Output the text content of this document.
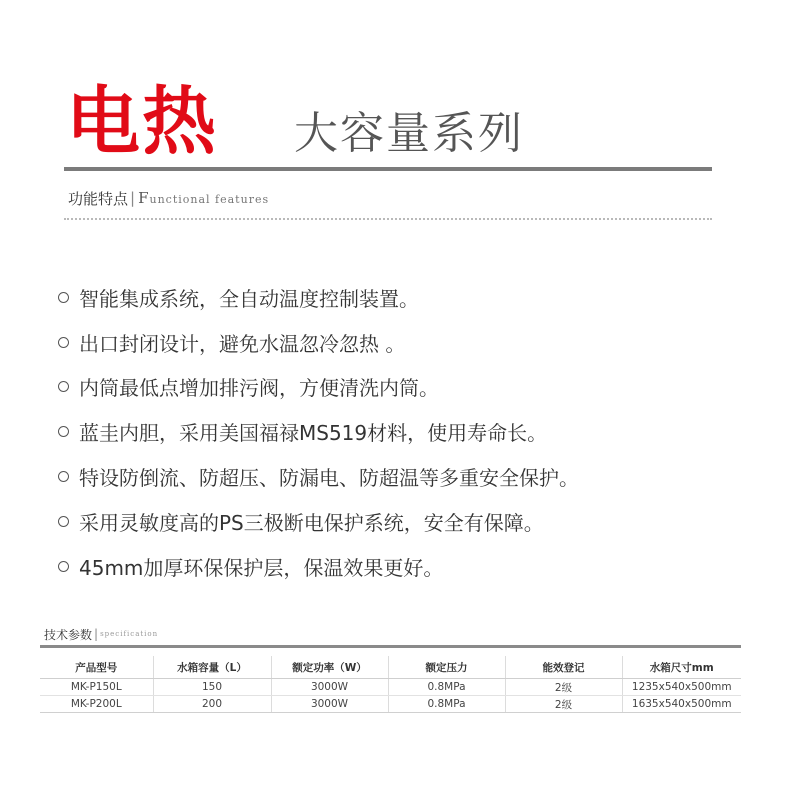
电热 大容量系列
功能特点 | Functional features
智能集成系统，全自动温度控制装置。
出口封闭设计，避免水温忽冷忽热 。
内筒最低点增加排污阀，方便清洗内筒。
蓝圭内胆，采用美国福禄MS519材料，使用寿命长。
特设防倒流、防超压、防漏电、防超温等多重安全保护。
采用灵敏度高的PS三极断电保护系统，安全有保障。
45mm加厚环保保护层，保温效果更好。
技术参数 | specification
产品型号	水箱容量（L）	额定功率（W）	额定压力	能效登记	水箱尺寸mm
MK-P150L	150	3000W	0.8MPa	2级	1235x540x500mm
MK-P200L	200	3000W	0.8MPa	2级	1635x540x500mm
